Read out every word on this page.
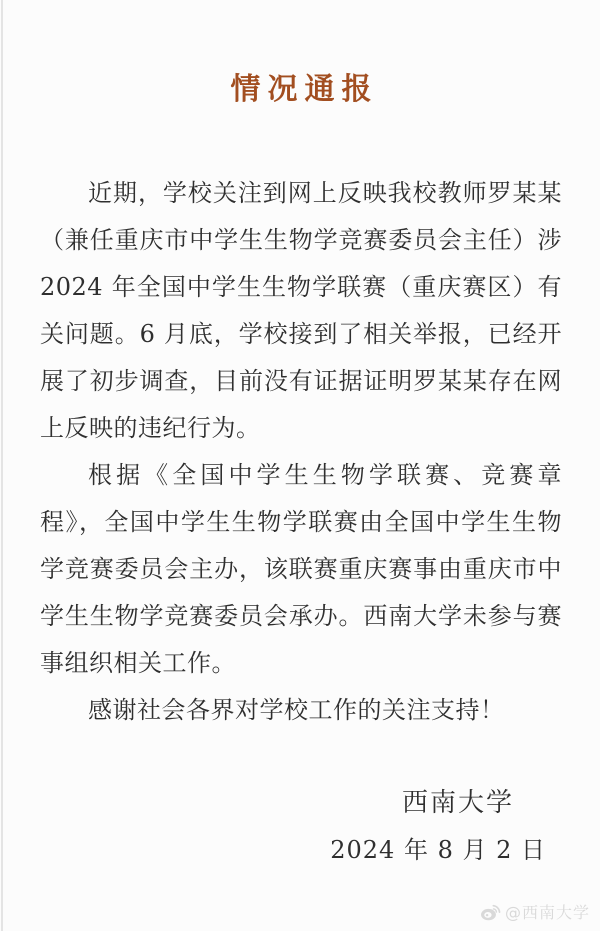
情况通报

近期，学校关注到网上反映我校教师罗某某（兼任重庆市中学生生物学竞赛委员会主任）涉2024 年全国中学生生物学联赛（重庆赛区）有关问题。6 月底，学校接到了相关举报，已经开展了初步调查，目前没有证据证明罗某某存在网上反映的违纪行为。

根据《全国中学生生物学联赛、竞赛章程》，全国中学生生物学联赛由全国中学生生物学竞赛委员会主办，该联赛重庆赛事由重庆市中学生生物学竞赛委员会承办。西南大学未参与赛事组织相关工作。

感谢社会各界对学校工作的关注支持！

西南大学
2024 年 8 月 2 日
@西南大学
